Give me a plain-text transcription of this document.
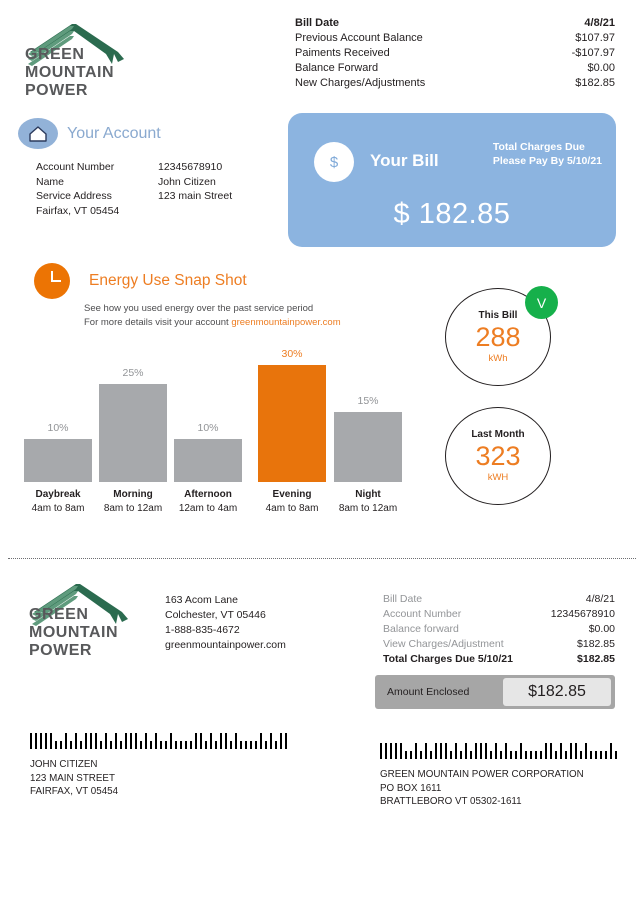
GREEN
MOUNTAIN
POWER
Bill Date	4/8/21
Previous Account Balance	$107.97
Paiments Received	-$107.97
Balance Forward	$0.00
New Charges/Adjustments	$182.85
Your Account
Account Number	12345678910
Name	John Citizen
Service Address	123 main Street
Fairfax, VT 05454
$	Your Bill
Total Charges Due
Please Pay By 5/10/21
$ 182.85
Energy Use Snap Shot
See how you used energy over the past service period
For more details visit your account greenmountainpower.com
10%
25%
10%
30%
15%
Daybreak
4am to 8am
Morning
8am to 12am
Afternoon
12am to 4am
Evening
4am to 8am
Night
8am to 12am
This Bill
288
kWh
V
Last Month
323
kWH
GREEN
MOUNTAIN
POWER
163 Acom Lane
Colchester, VT 05446
1-888-835-4672
greenmountainpower.com
Bill Date	4/8/21
Account Number	12345678910
Balance forward	$0.00
View Charges/Adjustment	$182.85
Total Charges Due 5/10/21	$182.85
Amount Enclosed	$182.85
JOHN CITIZEN
123 MAIN STREET
FAIRFAX, VT 05454
GREEN MOUNTAIN POWER CORPORATION
PO BOX 1611
BRATTLEBORO VT 05302-1611
